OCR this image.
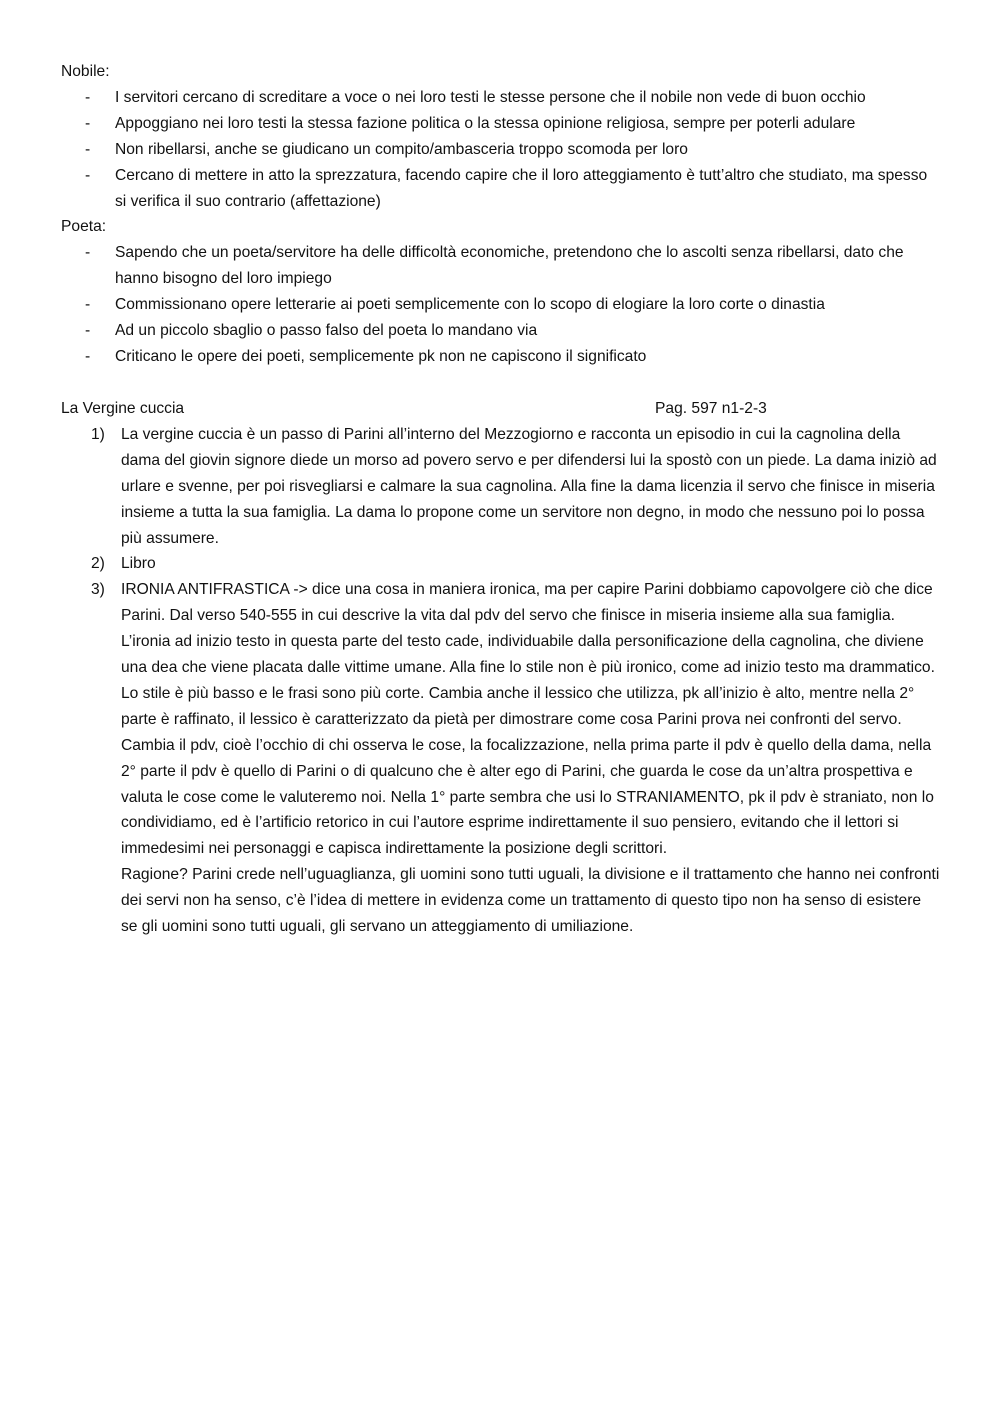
Nobile:
- I servitori cercano di screditare a voce o nei loro testi le stesse persone che il nobile non vede di buon occhio
- Appoggiano nei loro testi la stessa fazione politica o la stessa opinione religiosa, sempre per poterli adulare
- Non ribellarsi, anche se giudicano un compito/ambasceria troppo scomoda per loro
- Cercano di mettere in atto la sprezzatura, facendo capire che il loro atteggiamento è tutt’altro che studiato, ma spesso si verifica il suo contrario (affettazione)
Poeta:
- Sapendo che un poeta/servitore ha delle difficoltà economiche, pretendono che lo ascolti senza ribellarsi, dato che hanno bisogno del loro impiego
- Commissionano opere letterarie ai poeti semplicemente con lo scopo di elogiare la loro corte o dinastia
- Ad un piccolo sbaglio o passo falso del poeta lo mandano via
- Criticano le opere dei poeti, semplicemente pk non ne capiscono il significato
La Vergine cuccia	Pag. 597 n1-2-3
1) La vergine cuccia è un passo di Parini all’interno del Mezzogiorno e racconta un episodio in cui la cagnolina della dama del giovin signore diede un morso ad povero servo e per difendersi lui la spostò con un piede. La dama iniziò ad urlare e svenne, per poi risvegliarsi e calmare la sua cagnolina. Alla fine la dama licenzia il servo che finisce in miseria insieme a tutta la sua famiglia. La dama lo propone come un servitore non degno, in modo che nessuno poi lo possa più assumere.
2) Libro
3) IRONIA ANTIFRASTICA -> dice una cosa in maniera ironica, ma per capire Parini dobbiamo capovolgere ciò che dice Parini. Dal verso 540-555 in cui descrive la vita dal pdv del servo che finisce in miseria insieme alla sua famiglia. L’ironia ad inizio testo in questa parte del testo cade, individuabile dalla personificazione della cagnolina, che diviene una dea che viene placata dalle vittime umane. Alla fine lo stile non è più ironico, come ad inizio testo ma drammatico. Lo stile è più basso e le frasi sono più corte. Cambia anche il lessico che utilizza, pk all’inizio è alto, mentre nella 2° parte è raffinato, il lessico è caratterizzato da pietà per dimostrare come cosa Parini prova nei confronti del servo. Cambia il pdv, cioè l’occhio di chi osserva le cose, la focalizzazione, nella prima parte il pdv è quello della dama, nella 2° parte il pdv è quello di Parini o di qualcuno che è alter ego di Parini, che guarda le cose da un’altra prospettiva e valuta le cose come le valuteremo noi. Nella 1° parte sembra che usi lo STRANIAMENTO, pk il pdv è straniato, non lo condividiamo, ed è l’artificio retorico in cui l’autore esprime indirettamente il suo pensiero, evitando che il lettori si immedesimi nei personaggi e capisca indirettamente la posizione degli scrittori.
Ragione? Parini crede nell’uguaglianza, gli uomini sono tutti uguali, la divisione e il trattamento che hanno nei confronti dei servi non ha senso, c’è l’idea di mettere in evidenza come un trattamento di questo tipo non ha senso di esistere se gli uomini sono tutti uguali, gli servano un atteggiamento di umiliazione.
